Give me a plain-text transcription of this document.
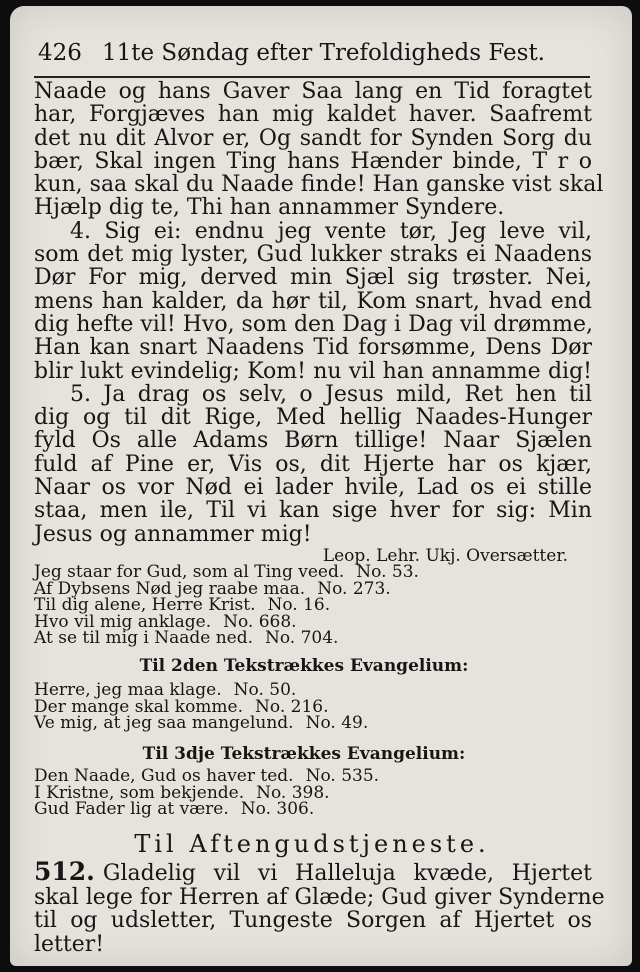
426 11te Søndag efter Trefoldigheds Fest.
Naade og hans Gaver Saa lang en Tid foragtet
har, Forgjæves han mig kaldet haver. Saafremt
det nu dit Alvor er, Og sandt for Synden Sorg du
bær, Skal ingen Ting hans Hænder binde, T r o
kun, saa skal du Naade finde! Han ganske vist skal
Hjælp dig te, Thi han annammer Syndere.
4. Sig ei: endnu jeg vente tør, Jeg leve vil,
som det mig lyster, Gud lukker straks ei Naadens
Dør For mig, derved min Sjæl sig trøster. Nei,
mens han kalder, da hør til, Kom snart, hvad end
dig hefte vil! Hvo, som den Dag i Dag vil drømme,
Han kan snart Naadens Tid forsømme, Dens Dør
blir lukt evindelig; Kom! nu vil han annamme dig!
5. Ja drag os selv, o Jesus mild, Ret hen til
dig og til dit Rige, Med hellig Naades-Hunger
fyld Os alle Adams Børn tillige! Naar Sjælen
fuld af Pine er, Vis os, dit Hjerte har os kjær,
Naar os vor Nød ei lader hvile, Lad os ei stille
staa, men ile, Til vi kan sige hver for sig: Min
Jesus og annammer mig!
Leop. Lehr. Ukj. Oversætter.
Jeg staar for Gud, som al Ting veed. No. 53.
Af Dybsens Nød jeg raabe maa. No. 273.
Til dig alene, Herre Krist. No. 16.
Hvo vil mig anklage. No. 668.
At se til mig i Naade ned. No. 704.
Til 2den Tekstrækkes Evangelium:
Herre, jeg maa klage. No. 50.
Der mange skal komme. No. 216.
Ve mig, at jeg saa mangelund. No. 49.
Til 3dje Tekstrækkes Evangelium:
Den Naade, Gud os haver ted. No. 535.
I Kristne, som bekjende. No. 398.
Gud Fader lig at være. No. 306.
Til Aftengudstjeneste.
512. Gladelig vil vi Halleluja kvæde, Hjertet
skal lege for Herren af Glæde; Gud giver Synderne
til og udsletter, Tungeste Sorgen af Hjertet os
letter!
